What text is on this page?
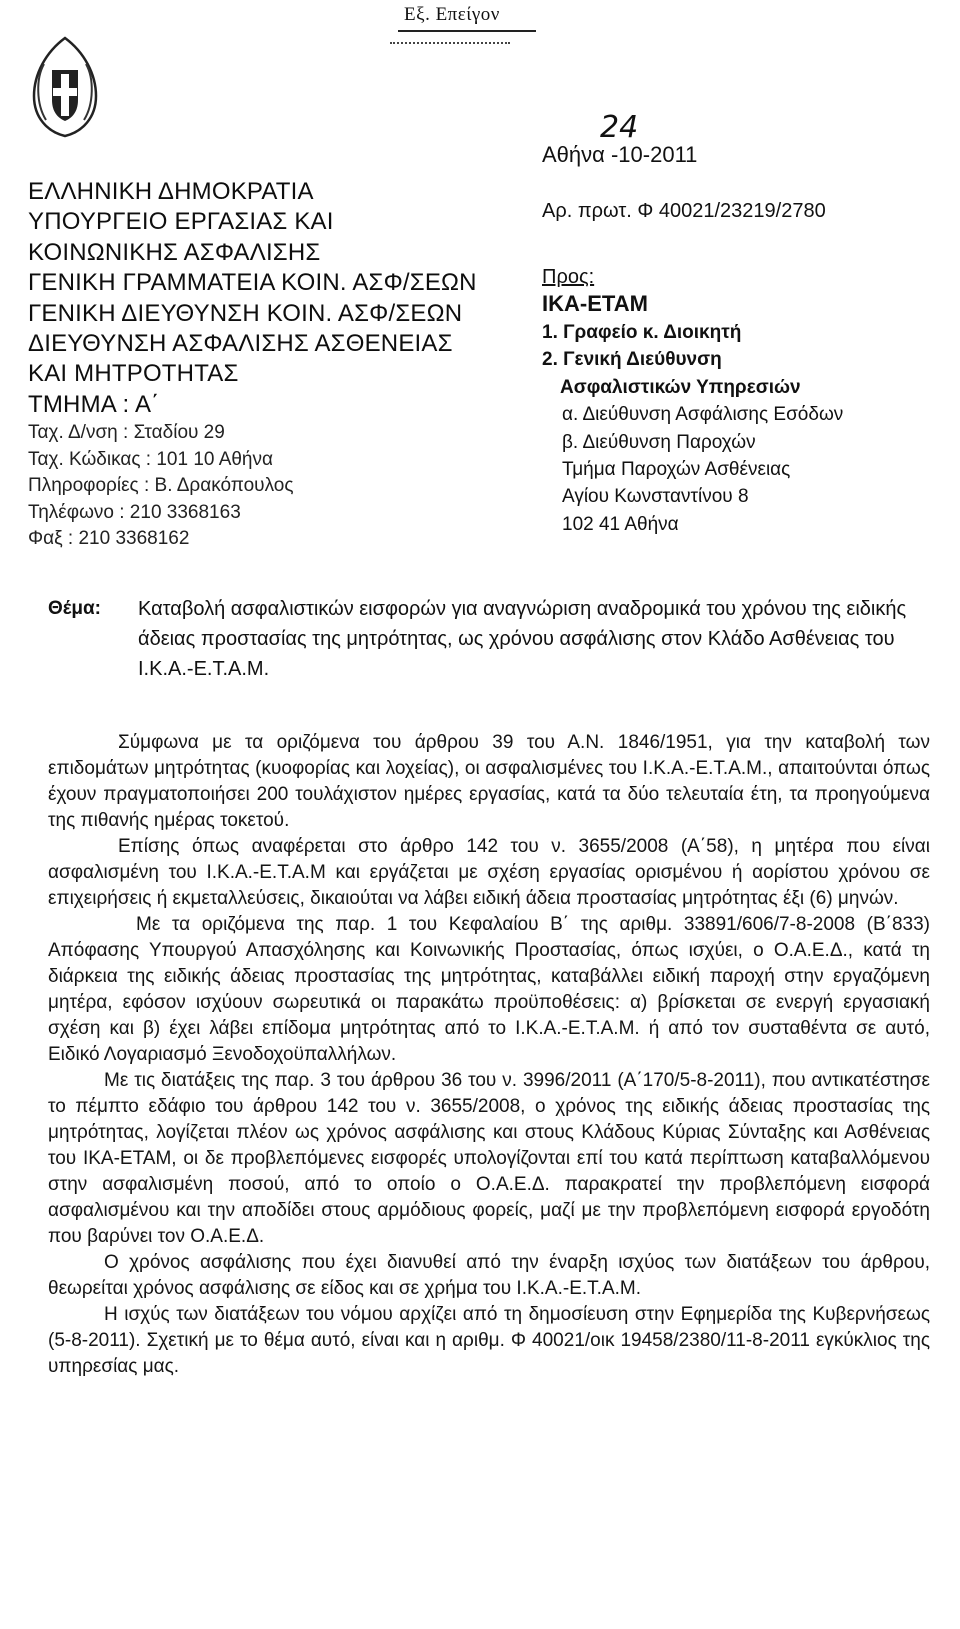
Εξ. Επείγον
ΕΛΛΗΝΙΚΗ ΔΗΜΟΚΡΑΤΙΑ
ΥΠΟΥΡΓΕΙΟ ΕΡΓΑΣΙΑΣ ΚΑΙ
ΚΟΙΝΩΝΙΚΗΣ ΑΣΦΑΛΙΣΗΣ
ΓΕΝΙΚΗ ΓΡΑΜΜΑΤΕΙΑ ΚΟΙΝ. ΑΣΦ/ΣΕΩΝ
ΓΕΝΙΚΗ ΔΙΕΥΘΥΝΣΗ ΚΟΙΝ. ΑΣΦ/ΣΕΩΝ
ΔΙΕΥΘΥΝΣΗ ΑΣΦΑΛΙΣΗΣ ΑΣΘΕΝΕΙΑΣ
ΚΑΙ ΜΗΤΡΟΤΗΤΑΣ
ΤΜΗΜΑ : Α΄
Ταχ. Δ/νση : Σταδίου 29
Ταχ. Κώδικας : 101 10 Αθήνα
Πληροφορίες : Β. Δρακόπουλος
Τηλέφωνο : 210 3368163
Φαξ : 210 3368162
24
Αθήνα -10-2011
Αρ. πρωτ. Φ 40021/23219/2780
Προς:
ΙΚΑ-ΕΤΑΜ
1. Γραφείο κ. Διοικητή
2. Γενική Διεύθυνση
Ασφαλιστικών Υπηρεσιών
α. Διεύθυνση Ασφάλισης Εσόδων
β. Διεύθυνση Παροχών
Τμήμα Παροχών Ασθένειας
Αγίου Κωνσταντίνου 8
102 41 Αθήνα
Θέμα:	Καταβολή ασφαλιστικών εισφορών για αναγνώριση αναδρομικά του χρόνου της ειδικής άδειας προστασίας της μητρότητας, ως χρόνου ασφάλισης στον Κλάδο Ασθένειας του Ι.Κ.Α.-Ε.Τ.Α.Μ.

Σύμφωνα με τα οριζόμενα του άρθρου 39 του Α.Ν. 1846/1951, για την καταβολή των επιδομάτων μητρότητας (κυοφορίας και λοχείας), οι ασφαλισμένες του Ι.Κ.Α.-Ε.Τ.Α.Μ., απαιτούνται όπως έχουν πραγματοποιήσει 200 τουλάχιστον ημέρες εργασίας, κατά τα δύο τελευταία έτη, τα προηγούμενα της πιθανής ημέρας τοκετού.

Επίσης όπως αναφέρεται στο άρθρο 142 του ν. 3655/2008 (Α΄58), η μητέρα που είναι ασφαλισμένη του Ι.Κ.Α.-Ε.Τ.Α.Μ και εργάζεται με σχέση εργασίας ορισμένου ή αορίστου χρόνου σε επιχειρήσεις ή εκμεταλλεύσεις, δικαιούται να λάβει ειδική άδεια προστασίας μητρότητας έξι (6) μηνών.

Με τα οριζόμενα της παρ. 1 του Κεφαλαίου Β΄ της αριθμ. 33891/606/7-8-2008 (Β΄833) Απόφασης Υπουργού Απασχόλησης και Κοινωνικής Προστασίας, όπως ισχύει, ο Ο.Α.Ε.Δ., κατά τη διάρκεια της ειδικής άδειας προστασίας της μητρότητας, καταβάλλει ειδική παροχή στην εργαζόμενη μητέρα, εφόσον ισχύουν σωρευτικά οι παρακάτω προϋποθέσεις: α) βρίσκεται σε ενεργή εργασιακή σχέση και β) έχει λάβει επίδομα μητρότητας από το Ι.Κ.Α.-Ε.Τ.Α.Μ. ή από τον συσταθέντα σε αυτό, Ειδικό Λογαριασμό Ξενοδοχοϋπαλλήλων.

Με τις διατάξεις της παρ. 3 του άρθρου 36 του ν. 3996/2011 (Α΄170/5-8-2011), που αντικατέστησε το πέμπτο εδάφιο του άρθρου 142 του ν. 3655/2008, ο χρόνος της ειδικής άδειας προστασίας της μητρότητας, λογίζεται πλέον ως χρόνος ασφάλισης και στους Κλάδους Κύριας Σύνταξης και Ασθένειας του ΙΚΑ-ΕΤΑΜ, οι δε προβλεπόμενες εισφορές υπολογίζονται επί του κατά περίπτωση καταβαλλόμενου στην ασφαλισμένη ποσού, από το οποίο ο Ο.Α.Ε.Δ. παρακρατεί την προβλεπόμενη εισφορά ασφαλισμένου και την αποδίδει στους αρμόδιους φορείς, μαζί με την προβλεπόμενη εισφορά εργοδότη που βαρύνει τον Ο.Α.Ε.Δ.

Ο χρόνος ασφάλισης που έχει διανυθεί από την έναρξη ισχύος των διατάξεων του άρθρου, θεωρείται χρόνος ασφάλισης σε είδος και σε χρήμα του Ι.Κ.Α.-Ε.Τ.Α.Μ.

Η ισχύς των διατάξεων του νόμου αρχίζει από τη δημοσίευση στην Εφημερίδα της Κυβερνήσεως (5-8-2011). Σχετική με το θέμα αυτό, είναι και η αριθμ. Φ 40021/οικ 19458/2380/11-8-2011 εγκύκλιος της υπηρεσίας μας.
